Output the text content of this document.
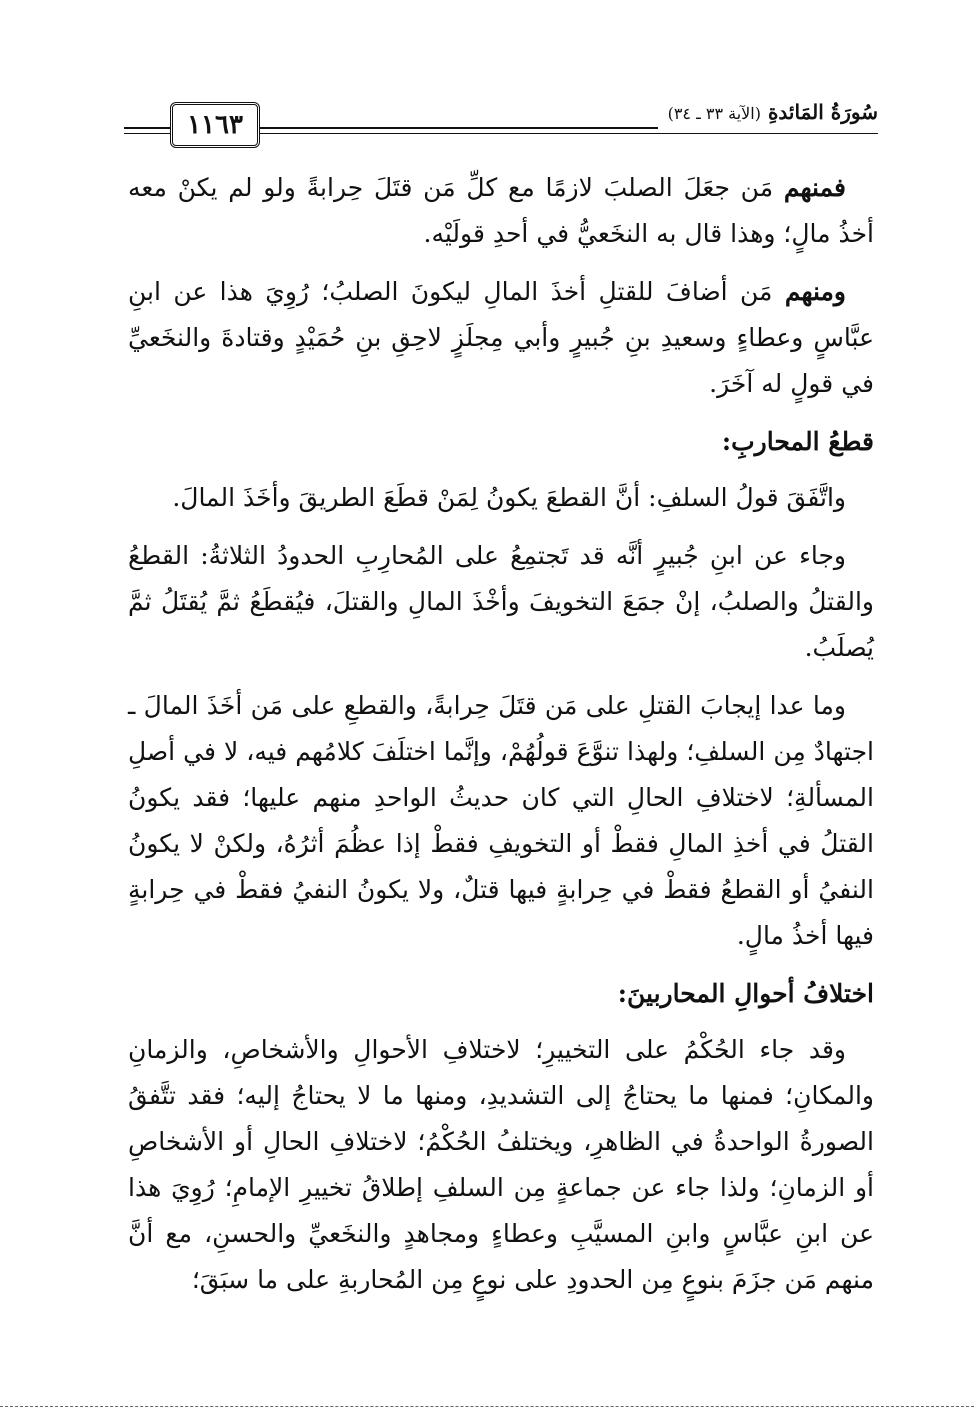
١١٦٣	سُورَةُ المَائدةِ (الآية ٣٣ ـ ٣٤)

فمنهم مَن جعَلَ الصلبَ لازمًا مع كلِّ مَن قتَلَ حِرابةً ولو لم يكنْ معه أخذُ مالٍ؛ وهذا قال به النخَعيُّ في أحدِ قولَيْه.

ومنهم مَن أضافَ للقتلِ أخذَ المالِ ليكونَ الصلبُ؛ رُوِيَ هذا عن ابنِ عبَّاسٍ وعطاءٍ وسعيدِ بنِ جُبيرٍ وأبي مِجلَزٍ لاحِقِ بنِ حُمَيْدٍ وقتادةَ والنخَعيِّ في قولٍ له آخَرَ.

قطعُ المحاربِ:

واتَّفَقَ قولُ السلفِ: أنَّ القطعَ يكونُ لِمَنْ قطَعَ الطريقَ وأخَذَ المالَ.

وجاء عن ابنِ جُبيرٍ أنَّه قد تَجتمِعُ على المُحارِبِ الحدودُ الثلاثةُ: القطعُ والقتلُ والصلبُ، إنْ جمَعَ التخويفَ وأخْذَ المالِ والقتلَ، فيُقطَعُ ثمَّ يُقتَلُ ثمَّ يُصلَبُ.

وما عدا إيجابَ القتلِ على مَن قتَلَ حِرابةً، والقطعِ على مَن أخَذَ المالَ ـ اجتهادٌ مِن السلفِ؛ ولهذا تنوَّعَ قولُهُمْ، وإنَّما اختلَفَ كلامُهم فيه، لا في أصلِ المسألةِ؛ لاختلافِ الحالِ التي كان حديثُ الواحدِ منهم عليها؛ فقد يكونُ القتلُ في أخذِ المالِ فقطْ أو التخويفِ فقطْ إذا عظُمَ أثرُهُ، ولكنْ لا يكونُ النفيُ أو القطعُ فقطْ في حِرابةٍ فيها قتلٌ، ولا يكونُ النفيُ فقطْ في حِرابةٍ فيها أخذُ مالٍ.

اختلافُ أحوالِ المحاربينَ:

وقد جاء الحُكْمُ على التخييرِ؛ لاختلافِ الأحوالِ والأشخاصِ، والزمانِ والمكانِ؛ فمنها ما يحتاجُ إلى التشديدِ، ومنها ما لا يحتاجُ إليه؛ فقد تتَّفقُ الصورةُ الواحدةُ في الظاهرِ، ويختلفُ الحُكْمُ؛ لاختلافِ الحالِ أو الأشخاصِ أو الزمانِ؛ ولذا جاء عن جماعةٍ مِن السلفِ إطلاقُ تخييرِ الإمامِ؛ رُوِيَ هذا عن ابنِ عبَّاسٍ وابنِ المسيَّبِ وعطاءٍ ومجاهدٍ والنخَعيِّ والحسنِ، مع أنَّ منهم مَن جزَمَ بنوعٍ مِن الحدودِ على نوعٍ مِن المُحاربةِ على ما سبَقَ؛
